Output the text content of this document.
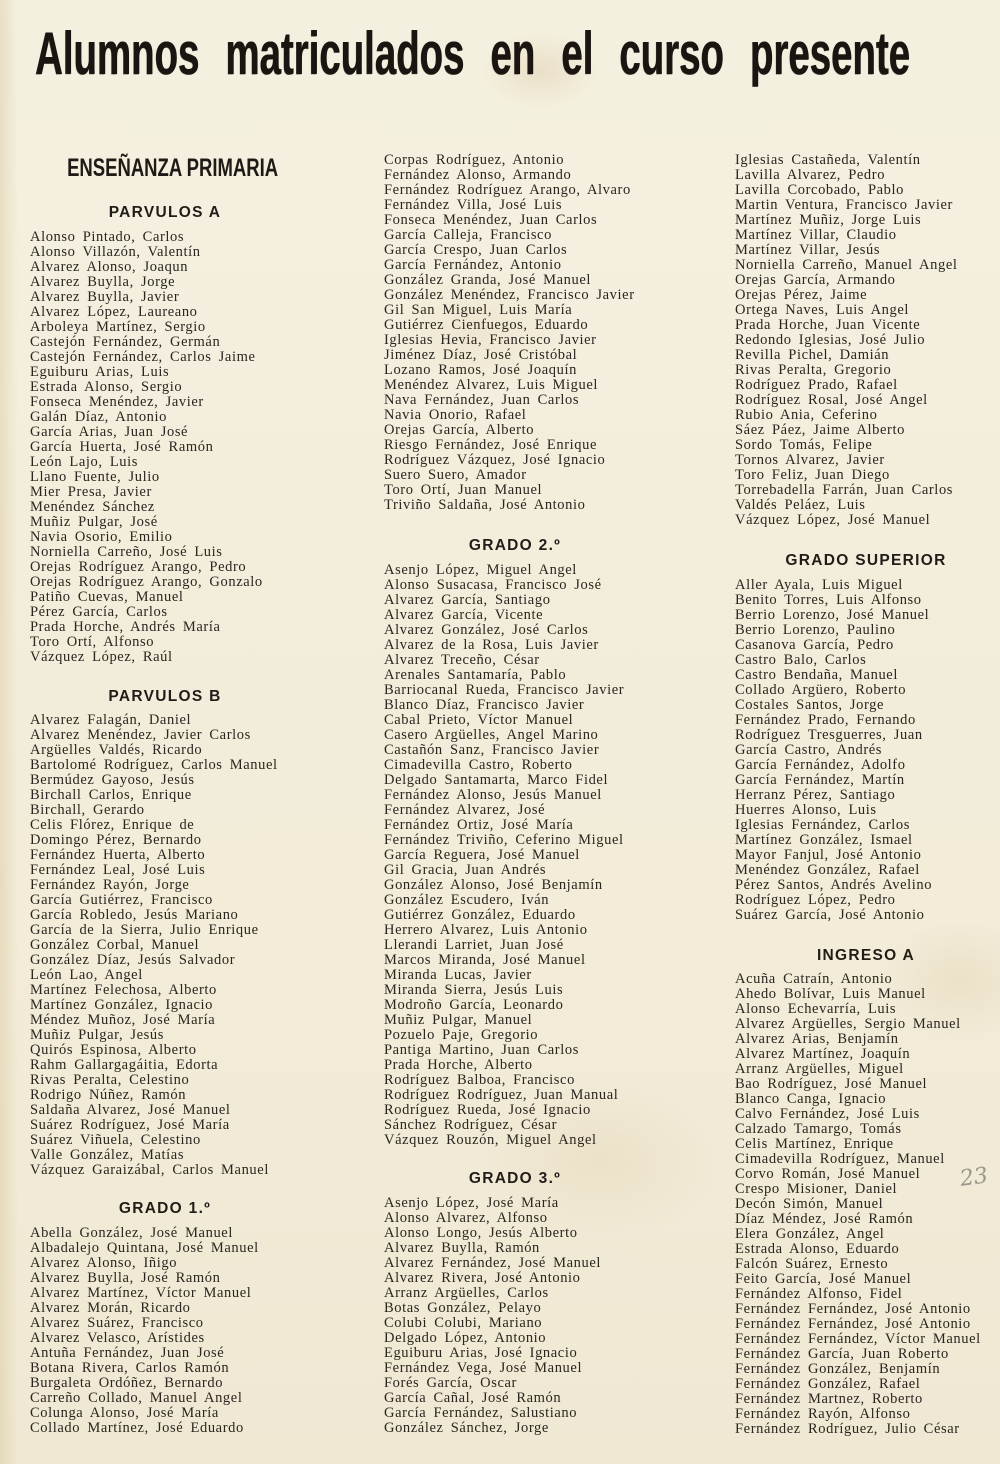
Alumnos matriculados en el curso presente
ENSEÑANZA PRIMARIA
PARVULOS A
Alonso Pintado, Carlos
Alonso Villazón, Valentín
Alvarez Alonso, Joaqun
Alvarez Buylla, Jorge
Alvarez Buylla, Javier
Alvarez López, Laureano
Arboleya Martínez, Sergio
Castejón Fernández, Germán
Castejón Fernández, Carlos Jaime
Eguiburu Arias, Luis
Estrada Alonso, Sergio
Fonseca Menéndez, Javier
Galán Díaz, Antonio
García Arias, Juan José
García Huerta, José Ramón
León Lajo, Luis
Llano Fuente, Julio
Mier Presa, Javier
Menéndez Sánchez
Muñiz Pulgar, José
Navia Osorio, Emilio
Norniella Carreño, José Luis
Orejas Rodríguez Arango, Pedro
Orejas Rodríguez Arango, Gonzalo
Patiño Cuevas, Manuel
Pérez García, Carlos
Prada Horche, Andrés María
Toro Ortí, Alfonso
Vázquez López, Raúl
PARVULOS B
Alvarez Falagán, Daniel
Alvarez Menéndez, Javier Carlos
Argüelles Valdés, Ricardo
Bartolomé Rodríguez, Carlos Manuel
Bermúdez Gayoso, Jesús
Birchall Carlos, Enrique
Birchall, Gerardo
Celis Flórez, Enrique de
Domingo Pérez, Bernardo
Fernández Huerta, Alberto
Fernández Leal, José Luis
Fernández Rayón, Jorge
García Gutiérrez, Francisco
García Robledo, Jesús Mariano
García de la Sierra, Julio Enrique
González Corbal, Manuel
González Díaz, Jesús Salvador
León Lao, Angel
Martínez Felechosa, Alberto
Martínez González, Ignacio
Méndez Muñoz, José María
Muñiz Pulgar, Jesús
Quirós Espinosa, Alberto
Rahm Gallargagáitia, Edorta
Rivas Peralta, Celestino
Rodrigo Núñez, Ramón
Saldaña Alvarez, José Manuel
Suárez Rodríguez, José María
Suárez Viñuela, Celestino
Valle González, Matías
Vázquez Garaizábal, Carlos Manuel
GRADO 1.º
Abella González, José Manuel
Albadalejo Quintana, José Manuel
Alvarez Alonso, Iñigo
Alvarez Buylla, José Ramón
Alvarez Martínez, Víctor Manuel
Alvarez Morán, Ricardo
Alvarez Suárez, Francisco
Alvarez Velasco, Arístides
Antuña Fernández, Juan José
Botana Rivera, Carlos Ramón
Burgaleta Ordóñez, Bernardo
Carreño Collado, Manuel Angel
Colunga Alonso, José María
Collado Martínez, José Eduardo
Corpas Rodríguez, Antonio
Fernández Alonso, Armando
Fernández Rodríguez Arango, Alvaro
Fernández Villa, José Luis
Fonseca Menéndez, Juan Carlos
García Calleja, Francisco
García Crespo, Juan Carlos
García Fernández, Antonio
González Granda, José Manuel
González Menéndez, Francisco Javier
Gil San Miguel, Luis María
Gutiérrez Cienfuegos, Eduardo
Iglesias Hevia, Francisco Javier
Jiménez Díaz, José Cristóbal
Lozano Ramos, José Joaquín
Menéndez Alvarez, Luis Miguel
Nava Fernández, Juan Carlos
Navia Onorio, Rafael
Orejas García, Alberto
Riesgo Fernández, José Enrique
Rodríguez Vázquez, José Ignacio
Suero Suero, Amador
Toro Ortí, Juan Manuel
Triviño Saldaña, José Antonio
GRADO 2.º
Asenjo López, Miguel Angel
Alonso Susacasa, Francisco José
Alvarez García, Santiago
Alvarez García, Vicente
Alvarez González, José Carlos
Alvarez de la Rosa, Luis Javier
Alvarez Treceño, César
Arenales Santamaría, Pablo
Barriocanal Rueda, Francisco Javier
Blanco Díaz, Francisco Javier
Cabal Prieto, Víctor Manuel
Casero Argüelles, Angel Marino
Castañón Sanz, Francisco Javier
Cimadevilla Castro, Roberto
Delgado Santamarta, Marco Fidel
Fernández Alonso, Jesús Manuel
Fernández Alvarez, José
Fernández Ortiz, José María
Fernández Triviño, Ceferino Miguel
García Reguera, José Manuel
Gil Gracia, Juan Andrés
González Alonso, José Benjamín
González Escudero, Iván
Gutiérrez González, Eduardo
Herrero Alvarez, Luis Antonio
Llerandi Larriet, Juan José
Marcos Miranda, José Manuel
Miranda Lucas, Javier
Miranda Sierra, Jesús Luis
Modroño García, Leonardo
Muñiz Pulgar, Manuel
Pozuelo Paje, Gregorio
Pantiga Martino, Juan Carlos
Prada Horche, Alberto
Rodríguez Balboa, Francisco
Rodríguez Rodríguez, Juan Manual
Rodríguez Rueda, José Ignacio
Sánchez Rodríguez, César
Vázquez Rouzón, Miguel Angel
GRADO 3.º
Asenjo López, José María
Alonso Alvarez, Alfonso
Alonso Longo, Jesús Alberto
Alvarez Buylla, Ramón
Alvarez Fernández, José Manuel
Alvarez Rivera, José Antonio
Arranz Argüelles, Carlos
Botas González, Pelayo
Colubi Colubi, Mariano
Delgado López, Antonio
Eguiburu Arias, José Ignacio
Fernández Vega, José Manuel
Forés García, Oscar
García Cañal, José Ramón
García Fernández, Salustiano
González Sánchez, Jorge
Iglesias Castañeda, Valentín
Lavilla Alvarez, Pedro
Lavilla Corcobado, Pablo
Martin Ventura, Francisco Javier
Martínez Muñiz, Jorge Luis
Martínez Villar, Claudio
Martínez Villar, Jesús
Norniella Carreño, Manuel Angel
Orejas García, Armando
Orejas Pérez, Jaime
Ortega Naves, Luis Angel
Prada Horche, Juan Vicente
Redondo Iglesias, José Julio
Revilla Pichel, Damián
Rivas Peralta, Gregorio
Rodríguez Prado, Rafael
Rodríguez Rosal, José Angel
Rubio Ania, Ceferino
Sáez Páez, Jaime Alberto
Sordo Tomás, Felipe
Tornos Alvarez, Javier
Toro Feliz, Juan Diego
Torrebadella Farrán, Juan Carlos
Valdés Peláez, Luis
Vázquez López, José Manuel
GRADO SUPERIOR
Aller Ayala, Luis Miguel
Benito Torres, Luis Alfonso
Berrio Lorenzo, José Manuel
Berrio Lorenzo, Paulino
Casanova García, Pedro
Castro Balo, Carlos
Castro Bendaña, Manuel
Collado Argüero, Roberto
Costales Santos, Jorge
Fernández Prado, Fernando
Rodríguez Tresguerres, Juan
García Castro, Andrés
García Fernández, Adolfo
García Fernández, Martín
Herranz Pérez, Santiago
Huerres Alonso, Luis
Iglesias Fernández, Carlos
Martínez González, Ismael
Mayor Fanjul, José Antonio
Menéndez González, Rafael
Pérez Santos, Andrés Avelino
Rodríguez López, Pedro
Suárez García, José Antonio
INGRESO A
Acuña Catraín, Antonio
Ahedo Bolívar, Luis Manuel
Alonso Echevarría, Luis
Alvarez Argüelles, Sergio Manuel
Alvarez Arias, Benjamín
Alvarez Martínez, Joaquín
Arranz Argüelles, Miguel
Bao Rodríguez, José Manuel
Blanco Canga, Ignacio
Calvo Fernández, José Luis
Calzado Tamargo, Tomás
Celis Martínez, Enrique
Cimadevilla Rodríguez, Manuel
Corvo Román, José Manuel
Crespo Misioner, Daniel
Decón Simón, Manuel
Díaz Méndez, José Ramón
Elera González, Angel
Estrada Alonso, Eduardo
Falcón Suárez, Ernesto
Feito García, José Manuel
Fernández Alfonso, Fidel
Fernández Fernández, José Antonio
Fernández Fernández, José Antonio
Fernández Fernández, Víctor Manuel
Fernández García, Juan Roberto
Fernández González, Benjamín
Fernández González, Rafael
Fernández Martnez, Roberto
Fernández Rayón, Alfonso
Fernández Rodríguez, Julio César
23
